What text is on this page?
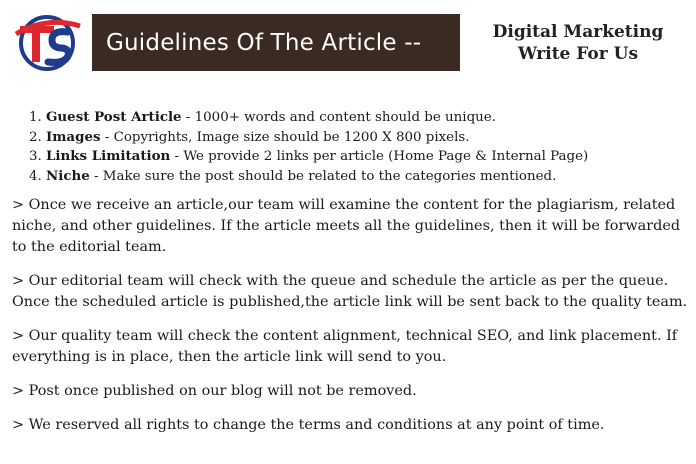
Guidelines Of The Article --	Digital Marketing
Write For Us
1. Guest Post Article - 1000+ words and content should be unique.
2. Images - Copyrights, Image size should be 1200 X 800 pixels.
3. Links Limitation - We provide 2 links per article (Home Page & Internal Page)
4. Niche - Make sure the post should be related to the categories mentioned.

> Once we receive an article,our team will examine the content for the plagiarism, related niche, and other guidelines. If the article meets all the guidelines, then it will be forwarded to the editorial team.

> Our editorial team will check with the queue and schedule the article as per the queue. Once the scheduled article is published,the article link will be sent back to the quality team.

> Our quality team will check the content alignment, technical SEO, and link placement. If everything is in place, then the article link will send to you.

> Post once published on our blog will not be removed.

> We reserved all rights to change the terms and conditions at any point of time.
